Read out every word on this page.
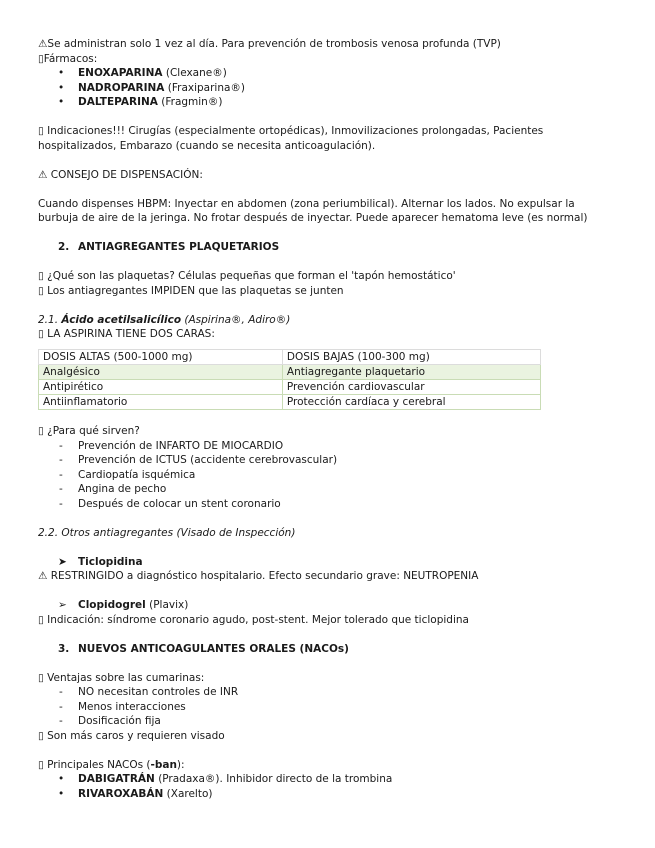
⚠Se administran solo 1 vez al día. Para prevención de trombosis venosa profunda (TVP)

▯Fármacos:

• ENOXAPARINA (Clexane®)
• NADROPARINA (Fraxiparina®)
• DALTEPARINA (Fragmin®)

▯ Indicaciones!!! Cirugías (especialmente ortopédicas), Inmovilizaciones prolongadas, Pacientes

hospitalizados, Embarazo (cuando se necesita anticoagulación).

⚠ CONSEJO DE DISPENSACIÓN:

Cuando dispenses HBPM: Inyectar en abdomen (zona periumbilical). Alternar los lados. No expulsar la

burbuja de aire de la jeringa. No frotar después de inyectar. Puede aparecer hematoma leve (es normal)

2. ANTIAGREGANTES PLAQUETARIOS

▯ ¿Qué son las plaquetas? Células pequeñas que forman el 'tapón hemostático'

▯ Los antiagregantes IMPIDEN que las plaquetas se junten

2.1. Ácido acetilsalicílico (Aspirina®, Adiro®)

▯ LA ASPIRINA TIENE DOS CARAS:

DOSIS ALTAS (500-1000 mg)	DOSIS BAJAS (100-300 mg)
Analgésico	Antiagregante plaquetario
Antipirético	Prevención cardiovascular
Antiinflamatorio	Protección cardíaca y cerebral

▯ ¿Para qué sirven?

- Prevención de INFARTO DE MIOCARDIO
- Prevención de ICTUS (accidente cerebrovascular)
- Cardiopatía isquémica
- Angina de pecho
- Después de colocar un stent coronario

2.2. Otros antiagregantes (Visado de Inspección)

➤ Ticlopidina

⚠ RESTRINGIDO a diagnóstico hospitalario. Efecto secundario grave: NEUTROPENIA

➢ Clopidogrel (Plavix)

▯ Indicación: síndrome coronario agudo, post-stent. Mejor tolerado que ticlopidina

3. NUEVOS ANTICOAGULANTES ORALES (NACOs)

▯ Ventajas sobre las cumarinas:

- NO necesitan controles de INR
- Menos interacciones
- Dosificación fija

▯ Son más caros y requieren visado

▯ Principales NACOs (-ban):

• DABIGATRÁN (Pradaxa®). Inhibidor directo de la trombina
• RIVAROXABÁN (Xarelto)
